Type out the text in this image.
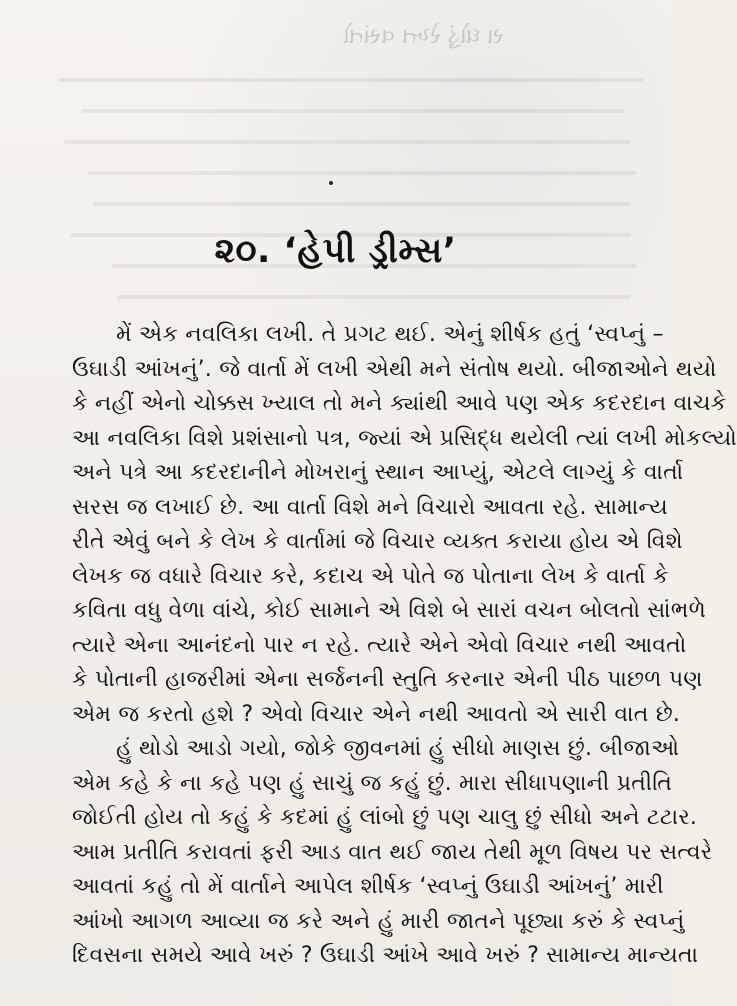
રા ઘોડું રેખ્ત વસંતો
૨૦. ‘હેપી ડ્રીમ્સ’
મેં એક નવલિકા લખી. તે પ્રગટ થઈ. એનું શીર્ષક હતું ‘સ્વપ્નું –
ઉઘાડી આંખનું’. જે વાર્તા મેં લખી એથી મને સંતોષ થયો. બીજાઓને થયો
કે નહીં એનો ચોક્કસ ખ્યાલ તો મને ક્યાંથી આવે પણ એક કદરદાન વાચકે
આ નવલિકા વિશે પ્રશંસાનો પત્ર, જ્યાં એ પ્રસિદ્ધ થયેલી ત્યાં લખી મોકલ્યો
અને પત્રે આ કદરદાનીને મોખરાનું સ્થાન આપ્યું, એટલે લાગ્યું કે વાર્તા
સરસ જ લખાઈ છે. આ વાર્તા વિશે મને વિચારો આવતા રહે. સામાન્ય
રીતે એવું બને કે લેખ કે વાર્તામાં જે વિચાર વ્યક્ત કરાયા હોય એ વિશે
લેખક જ વધારે વિચાર કરે, કદાચ એ પોતે જ પોતાના લેખ કે વાર્તા કે
કવિતા વધુ વેળા વાંચે, કોઈ સામાને એ વિશે બે સારાં વચન બોલતો સાંભળે
ત્યારે એના આનંદનો પાર ન રહે. ત્યારે એને એવો વિચાર નથી આવતો
કે પોતાની હાજરીમાં એના સર્જનની સ્તુતિ કરનાર એની પીઠ પાછળ પણ
એમ જ કરતો હશે ? એવો વિચાર એને નથી આવતો એ સારી વાત છે.
હું થોડો આડો ગયો, જોકે જીવનમાં હું સીધો માણસ છું. બીજાઓ
એમ કહે કે ના કહે પણ હું સાચું જ કહું છું. મારા સીધાપણાની પ્રતીતિ
જોઈતી હોય તો કહું કે કદમાં હું લાંબો છું પણ ચાલુ છું સીધો અને ટટાર.
આમ પ્રતીતિ કરાવતાં ફરી આડ વાત થઈ જાય તેથી મૂળ વિષય પર સત્વરે
આવતાં કહું તો મેં વાર્તાને આપેલ શીર્ષક ‘સ્વપ્નું ઉઘાડી આંખનું’ મારી
આંખો આગળ આવ્યા જ કરે અને હું મારી જાતને પૂછ્યા કરું કે સ્વપ્નું
દિવસના સમયે આવે ખરું ? ઉઘાડી આંખે આવે ખરું ? સામાન્ય માન્યતા
